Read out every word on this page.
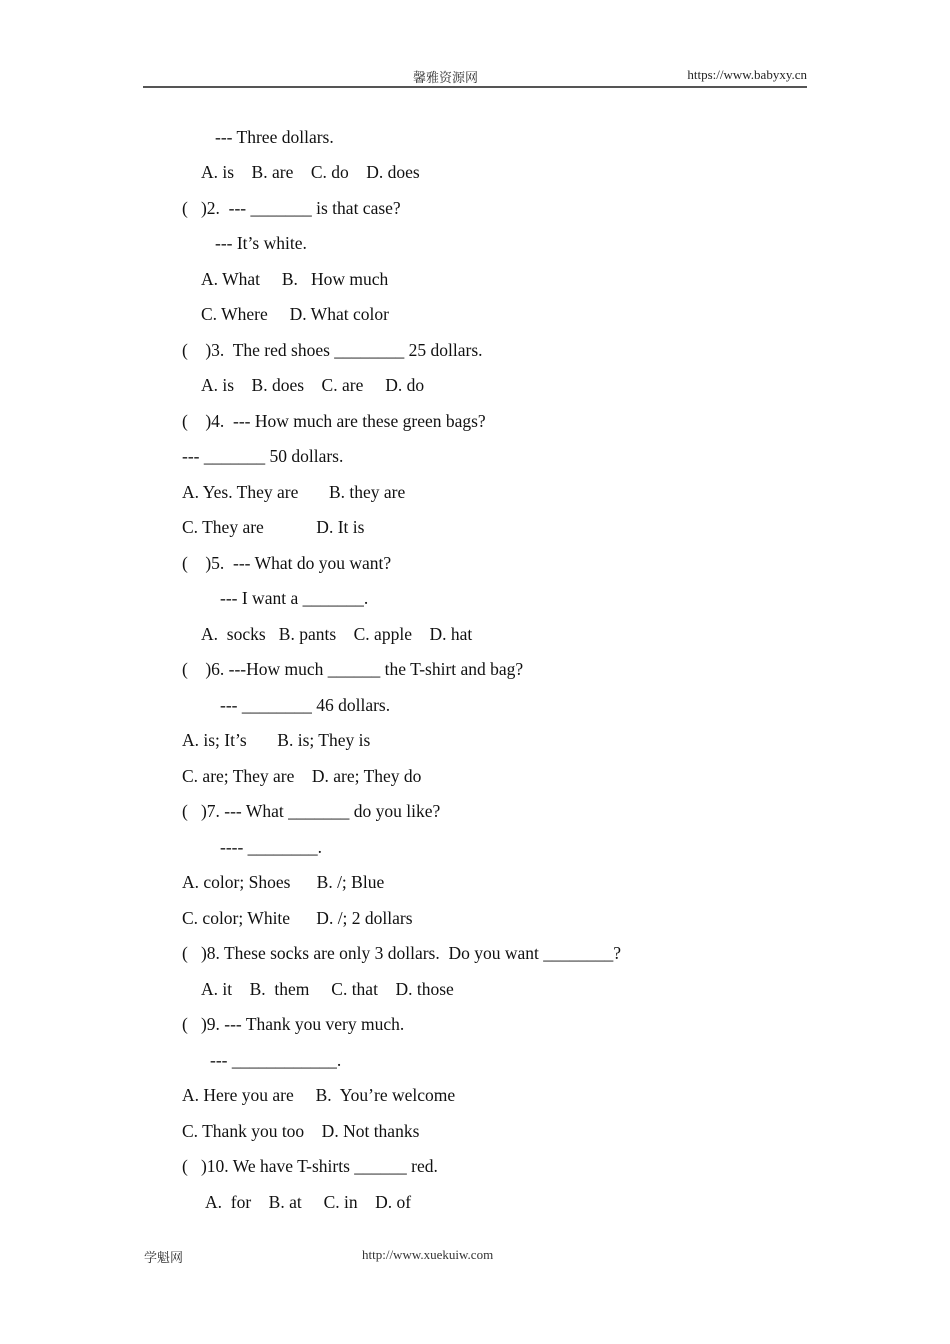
馨雅资源网	https://www.babyxy.cn
--- Three dollars.
A. is    B. are    C. do    D. does
(   )2.  --- _______ is that case?
--- It’s white.
A. What     B.   How much
C. Where     D. What color
(    )3.  The red shoes ________ 25 dollars.
A. is    B. does    C. are     D. do
(    )4.  --- How much are these green bags?
--- _______ 50 dollars.
A. Yes. They are       B. they are
C. They are            D. It is
(    )5.  --- What do you want?
--- I want a _______.
A.  socks   B. pants    C. apple    D. hat
(    )6. ---How much ______ the T-shirt and bag?
--- ________ 46 dollars.
A. is; It’s       B. is; They is
C. are; They are    D. are; They do
(   )7. --- What _______ do you like?
---- ________.
A. color; Shoes      B. /; Blue
C. color; White      D. /; 2 dollars
(   )8. These socks are only 3 dollars.  Do you want ________?
A. it    B.  them     C. that    D. those
(   )9. --- Thank you very much.
--- ____________.
A. Here you are     B.  You’re welcome
C. Thank you too    D. Not thanks
(   )10. We have T-shirts ______ red.
A.  for    B. at     C. in    D. of
学魁网	http://www.xuekuiw.com
